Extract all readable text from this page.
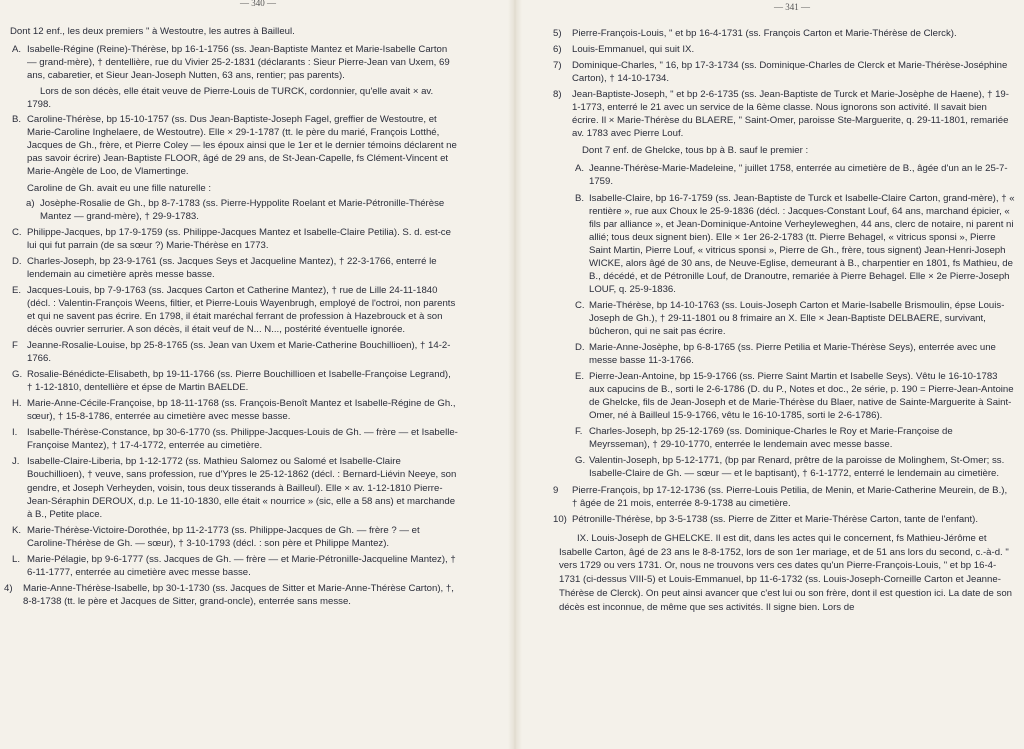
— 340 —

Dont 12 enf., les deux premiers " à Westoutre, les autres à Bailleul.

A. Isabelle-Régine (Reine)-Thérèse, bp 16-1-1756 (ss. Jean-Baptiste Mantez et Marie-Isabelle Carton — grand-mère), † dentellière, rue du Vivier 25-2-1831 (déclarants : Sieur Pierre-Jean van Uxem, 69 ans, cabaretier, et Sieur Jean-Joseph Nutten, 63 ans, rentier; pas parents).

Lors de son décès, elle était veuve de Pierre-Louis de TURCK, cordonnier, qu'elle avait × av. 1798.

B. Caroline-Thérèse, bp 15-10-1757 (ss. Dus Jean-Baptiste-Joseph Fagel, greffier de Westoutre, et Marie-Caroline Inghelaere, de Westoutre). Elle × 29-1-1787 (tt. le père du marié, François Lotthé, Jacques de Gh., frère, et Pierre Coley — les époux ainsi que le 1er et le dernier témoins déclarent ne pas savoir écrire) Jean-Baptiste FLOOR, âgé de 29 ans, de St-Jean-Capelle, fs Clément-Vincent et Marie-Angèle de Loo, de Vlamertinge.

Caroline de Gh. avait eu une fille naturelle :

a) Josèphe-Rosalie de Gh., bp 8-7-1783 (ss. Pierre-Hyppolite Roelant et Marie-Pétronille-Thérèse Mantez — grand-mère), † 29-9-1783.
C. Philippe-Jacques, bp 17-9-1759 (ss. Philippe-Jacques Mantez et Isabelle-Claire Petilia). S. d. est-ce lui qui fut parrain (de sa sœur ?) Marie-Thérèse en 1773.
D. Charles-Joseph, bp 23-9-1761 (ss. Jacques Seys et Jacqueline Mantez), † 22-3-1766, enterré le lendemain au cimetière après messe basse.
E. Jacques-Louis, bp 7-9-1763 (ss. Jacques Carton et Catherine Mantez), † rue de Lille 24-11-1840 (décl. : Valentin-François Weens, filtier, et Pierre-Louis Wayenbrugh, employé de l'octroi, non parents et qui ne savent pas écrire. En 1798, il était maréchal ferrant de profession à Hazebrouck et à son décès ouvrier serrurier. A son décès, il était veuf de N... N..., postérité éventuelle ignorée.
F Jeanne-Rosalie-Louise, bp 25-8-1765 (ss. Jean van Uxem et Marie-Catherine Bouchillioen), † 14-2-1766.
G. Rosalie-Bénédicte-Elisabeth, bp 19-11-1766 (ss. Pierre Bouchillioen et Isabelle-Françoise Legrand), † 1-12-1810, dentellière et épse de Martin BAELDE.
H. Marie-Anne-Cécile-Françoise, bp 18-11-1768 (ss. François-Benoît Mantez et Isabelle-Régine de Gh., sœur), † 15-8-1786, enterrée au cimetière avec messe basse.
I. Isabelle-Thérèse-Constance, bp 30-6-1770 (ss. Philippe-Jacques-Louis de Gh. — frère — et Isabelle-Françoise Mantez), † 17-4-1772, enterrée au cimetière.
J. Isabelle-Claire-Liberia, bp 1-12-1772 (ss. Mathieu Salomez ou Salomé et Isabelle-Claire Bouchillioen), † veuve, sans profession, rue d'Ypres le 25-12-1862 (décl. : Bernard-Liévin Neeye, son gendre, et Joseph Verheyden, voisin, tous deux tisserands à Bailleul). Elle × av. 1-12-1810 Pierre-Jean-Séraphin DEROUX, d.p. Le 11-10-1830, elle était « nourrice » (sic, elle a 58 ans) et marchande à B., Petite place.
K. Marie-Thérèse-Victoire-Dorothée, bp 11-2-1773 (ss. Philippe-Jacques de Gh. — frère ? — et Caroline-Thérèse de Gh. — sœur), † 3-10-1793 (décl. : son père et Philippe Mantez).
L. Marie-Pélagie, bp 9-6-1777 (ss. Jacques de Gh. — frère — et Marie-Pétronille-Jacqueline Mantez), † 6-11-1777, enterrée au cimetière avec messe basse.
4) Marie-Anne-Thérèse-Isabelle, bp 30-1-1730 (ss. Jacques de Sitter et Marie-Anne-Thérèse Carton), †, 8-8-1738 (tt. le père et Jacques de Sitter, grand-oncle), enterrée sans messe.
— 341 —
5) Pierre-François-Louis, " et bp 16-4-1731 (ss. François Carton et Marie-Thérèse de Clerck).
6) Louis-Emmanuel, qui suit IX.
7) Dominique-Charles, " 16, bp 17-3-1734 (ss. Dominique-Charles de Clerck et Marie-Thérèse-Joséphine Carton), † 14-10-1734.
8) Jean-Baptiste-Joseph, " et bp 2-6-1735 (ss. Jean-Baptiste de Turck et Marie-Josèphe de Haene), † 19-1-1773, enterré le 21 avec un service de la 6ème classe. Nous ignorons son activité. Il savait bien écrire. Il × Marie-Thérèse du BLAERE, " Saint-Omer, paroisse Ste-Marguerite, q. 29-11-1801, remariée av. 1783 avec Pierre Louf.

Dont 7 enf. de Ghelcke, tous bp à B. sauf le premier :

A. Jeanne-Thérèse-Marie-Madeleine, " juillet 1758, enterrée au cimetière de B., âgée d'un an le 25-7-1759.
B. Isabelle-Claire, bp 16-7-1759 (ss. Jean-Baptiste de Turck et Isabelle-Claire Carton, grand-mère), † « rentière », rue aux Choux le 25-9-1836 (décl. : Jacques-Constant Louf, 64 ans, marchand épicier, « fils par alliance », et Jean-Dominique-Antoine Verheyleweghen, 44 ans, clerc de notaire, ni parent ni allié; tous deux signent bien). Elle × 1er 26-2-1783 (tt. Pierre Behagel, « vitricus sponsi », Pierre Saint Martin, Pierre Louf, « vitricus sponsi », Pierre de Gh., frère, tous signent) Jean-Henri-Joseph WICKE, alors âgé de 30 ans, de Neuve-Eglise, demeurant à B., charpentier en 1801, fs Mathieu, de B., décédé, et de Pétronille Louf, de Dranoutre, remariée à Pierre Behagel. Elle × 2e Pierre-Joseph LOUF, q. 25-9-1836.
C. Marie-Thérèse, bp 14-10-1763 (ss. Louis-Joseph Carton et Marie-Isabelle Brismoulin, épse Louis-Joseph de Gh.), † 29-11-1801 ou 8 frimaire an X. Elle × Jean-Baptiste DELBAERE, survivant, bûcheron, qui ne sait pas écrire.
D. Marie-Anne-Josèphe, bp 6-8-1765 (ss. Pierre Petilia et Marie-Thérèse Seys), enterrée avec une messe basse 11-3-1766.
E. Pierre-Jean-Antoine, bp 15-9-1766 (ss. Pierre Saint Martin et Isabelle Seys). Vêtu le 16-10-1783 aux capucins de B., sorti le 2-6-1786 (D. du P., Notes et doc., 2e série, p. 190 = Pierre-Jean-Antoine de Ghelcke, fils de Jean-Joseph et de Marie-Thérèse du Blaer, native de Sainte-Marguerite à Saint-Omer, né à Bailleul 15-9-1766, vêtu le 16-10-1785, sorti le 2-6-1786).
F. Charles-Joseph, bp 25-12-1769 (ss. Dominique-Charles le Roy et Marie-Françoise de Meyrsseman), † 29-10-1770, enterrée le lendemain avec messe basse.
G. Valentin-Joseph, bp 5-12-1771, (bp par Renard, prêtre de la paroisse de Molinghem, St-Omer; ss. Isabelle-Claire de Gh. — sœur — et le baptisant), † 6-1-1772, enterré le lendemain au cimetière.
9 Pierre-François, bp 17-12-1736 (ss. Pierre-Louis Petilia, de Menin, et Marie-Catherine Meurein, de B.), † âgée de 21 mois, enterrée 8-9-1738 au cimetière.
10) Pétronille-Thérèse, bp 3-5-1738 (ss. Pierre de Zitter et Marie-Thérèse Carton, tante de l'enfant).

IX. Louis-Joseph de GHELCKE. Il est dit, dans les actes qui le concernent, fs Mathieu-Jérôme et Isabelle Carton, âgé de 23 ans le 8-8-1752, lors de son 1er mariage, et de 51 ans lors du second, c.-à-d. " vers 1729 ou vers 1731. Or, nous ne trouvons vers ces dates qu'un Pierre-François-Louis, " et bp 16-4-1731 (ci-dessus VIII-5) et Louis-Emmanuel, bp 11-6-1732 (ss. Louis-Joseph-Corneille Carton et Jeanne-Thérèse de Clerck). On peut ainsi avancer que c'est lui ou son frère, dont il est question ici. La date de son décès est inconnue, de même que ses activités. Il signe bien. Lors de
